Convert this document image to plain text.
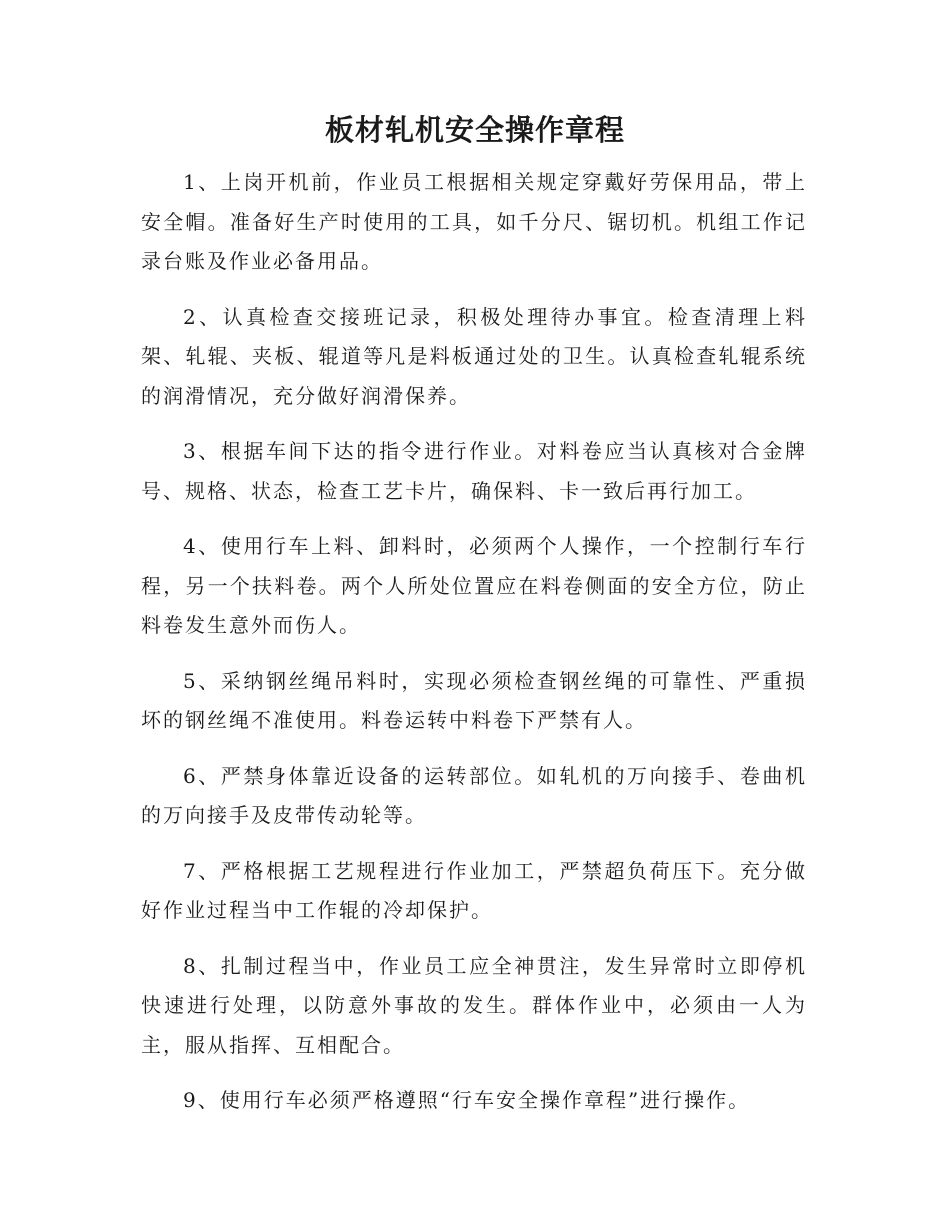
板材轧机安全操作章程

1、上岗开机前，作业员工根据相关规定穿戴好劳保用品，带上安全帽。准备好生产时使用的工具，如千分尺、锯切机。机组工作记录台账及作业必备用品。

2、认真检查交接班记录，积极处理待办事宜。检查清理上料架、轧辊、夹板、辊道等凡是料板通过处的卫生。认真检查轧辊系统的润滑情况，充分做好润滑保养。

3、根据车间下达的指令进行作业。对料卷应当认真核对合金牌号、规格、状态，检查工艺卡片，确保料、卡一致后再行加工。

4、使用行车上料、卸料时，必须两个人操作，一个控制行车行程，另一个扶料卷。两个人所处位置应在料卷侧面的安全方位，防止料卷发生意外而伤人。

5、采纳钢丝绳吊料时，实现必须检查钢丝绳的可靠性、严重损坏的钢丝绳不准使用。料卷运转中料卷下严禁有人。

6、严禁身体靠近设备的运转部位。如轧机的万向接手、卷曲机的万向接手及皮带传动轮等。

7、严格根据工艺规程进行作业加工，严禁超负荷压下。充分做好作业过程当中工作辊的冷却保护。

8、扎制过程当中，作业员工应全神贯注，发生异常时立即停机快速进行处理，以防意外事故的发生。群体作业中，必须由一人为主，服从指挥、互相配合。

9、使用行车必须严格遵照“行车安全操作章程”进行操作。
